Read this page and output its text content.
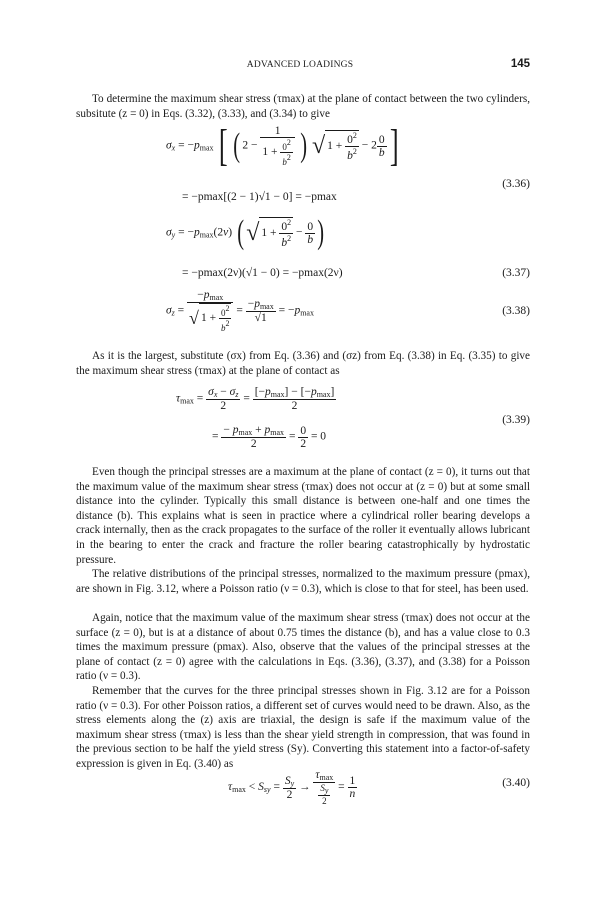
ADVANCED LOADINGS	145

To determine the maximum shear stress (τmax) at the plane of contact between the two cylinders, subsitute (z = 0) in Eqs. (3.32), (3.33), and (3.34) to give

$\sigma_x = -p_{max}$ [ ( $2 - \frac{1}{1 + \frac{02}{b2}}$ ) √ $1 + \frac{0^2}{b^2} - 2 \frac{0}{b}$ ]
(3.36)
= −pmax[(2 − 1)√1 − 0] = −pmax
$\sigma_y = -p_{max}(2\nu)$ (√ $1 + \frac{0^2}{b^2} - \frac{0}{b}$ )
= −pmax(2ν)(√1 − 0) = −pmax(2ν)	(3.37)
$\sigma_z = \frac{-p_{max}}{√ 1 + \frac{02}{b2}} = \frac{-p_{max}}{√1} = -p_{max}$	(3.38)

As it is the largest, substitute (σx) from Eq. (3.36) and (σz) from Eq. (3.38) in Eq. (3.35) to give the maximum shear stress (τmax) at the plane of contact as

$\tau_{max} = \frac{\sigma_x - \sigma_z}{2} = \frac{[-p_{max}] - [-p_{max}]}{2}$
(3.39)
= $\frac{- p_{max} + p_{max}}{2} = \frac{0}{2} = 0$

Even though the principal stresses are a maximum at the plane of contact (z = 0), it turns out that the maximum value of the maximum shear stress (τmax) does not occur at (z = 0) but at some small distance into the cylinder. Typically this small distance is between one-half and one times the distance (b). This explains what is seen in practice where a cylindrical roller bearing develops a crack internally, then as the crack propagates to the surface of the roller it eventually allows lubricant in the bearing to enter the crack and fracture the roller bearing catastrophically by hydrostatic pressure.

The relative distributions of the principal stresses, normalized to the maximum pressure (pmax), are shown in Fig. 3.12, where a Poisson ratio (ν = 0.3), which is close to that for steel, has been used.

Again, notice that the maximum value of the maximum shear stress (τmax) does not occur at the surface (z = 0), but is at a distance of about 0.75 times the distance (b), and has a value close to 0.3 times the maximum pressure (pmax). Also, observe that the values of the principal stresses at the plane of contact (z = 0) agree with the calculations in Eqs. (3.36), (3.37), and (3.38) for a Poisson ratio (ν = 0.3).

Remember that the curves for the three principal stresses shown in Fig. 3.12 are for a Poisson ratio (ν = 0.3). For other Poisson ratios, a different set of curves would need to be drawn. Also, as the stress elements along the (z) axis are triaxial, the design is safe if the maximum value of the maximum shear stress (τmax) is less than the shear yield strength in compression, that was found in the previous section to be half the yield stress (Sy). Converting this statement into a factor-of-safety expression is given in Eq. (3.40) as

$\tau_{max} < S_{sy} = \frac{S_y}{2} \to \frac{\tau_{max}}{\frac{Sy}{2}} = \frac{1}{n}$	(3.40)
